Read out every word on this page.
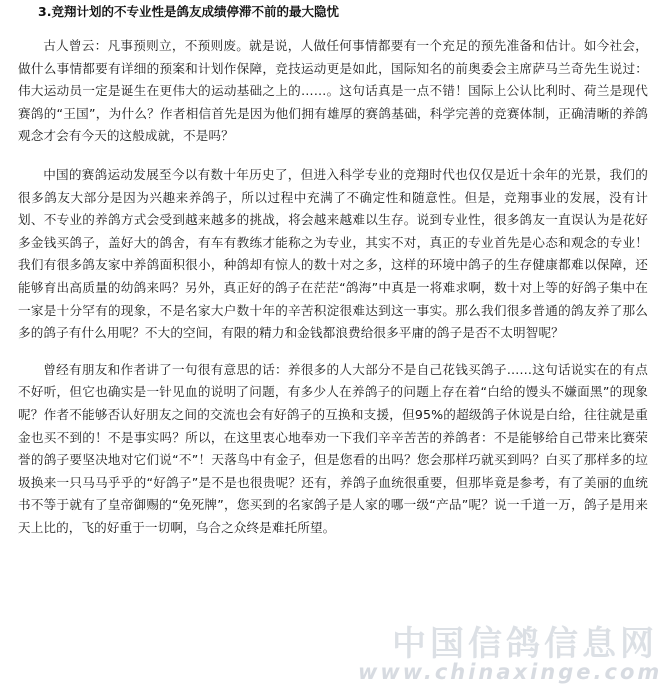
3.竞翔计划的不专业性是鸽友成绩停滞不前的最大隐忧

古人曾云：凡事预则立，不预则废。就是说，人做任何事情都要有一个充足的预先准备和估计。如今社会，做什么事情都要有详细的预案和计划作保障，竞技运动更是如此，国际知名的前奥委会主席萨马兰奇先生说过：伟大运动员一定是诞生在更伟大的运动基础之上的……。这句话真是一点不错！国际上公认比利时、荷兰是现代赛鸽的“王国”，为什么？作者相信首先是因为他们拥有雄厚的赛鸽基础，科学完善的竞赛体制，正确清晰的养鸽观念才会有今天的这般成就，不是吗？

中国的赛鸽运动发展至今以有数十年历史了，但进入科学专业的竞翔时代也仅仅是近十余年的光景，我们的很多鸽友大部分是因为兴趣来养鸽子，所以过程中充满了不确定性和随意性。但是，竞翔事业的发展，没有计划、不专业的养鸽方式会受到越来越多的挑战，将会越来越难以生存。说到专业性，很多鸽友一直误认为是花好多金钱买鸽子，盖好大的鸽舍，有车有教练才能称之为专业，其实不对，真正的专业首先是心态和观念的专业！我们有很多鸽友家中养鸽面积很小，种鸽却有惊人的数十对之多，这样的环境中鸽子的生存健康都难以保障，还能够育出高质量的幼鸽来吗？另外，真正好的鸽子在茫茫“鸽海”中真是一将难求啊，数十对上等的好鸽子集中在一家是十分罕有的现象，不是名家大户数十年的辛苦积淀很难达到这一事实。那么我们很多普通的鸽友养了那么多的鸽子有什么用呢？不大的空间，有限的精力和金钱都浪费给很多平庸的鸽子是否不太明智呢？

曾经有朋友和作者讲了一句很有意思的话：养很多的人大部分不是自己花钱买鸽子……这句话说实在的有点不好听，但它也确实是一针见血的说明了问题，有多少人在养鸽子的问题上存在着“白给的馒头不嫌面黑”的现象呢？作者不能够否认好朋友之间的交流也会有好鸽子的互换和支援，但95%的超级鸽子休说是白给，往往就是重金也买不到的！不是事实吗？所以，在这里衷心地奉劝一下我们辛辛苦苦的养鸽者：不是能够给自己带来比赛荣誉的鸽子要坚决地对它们说“不”！天落鸟中有金子，但是您看的出吗？您会那样巧就买到吗？白买了那样多的垃圾换来一只马马乎乎的“好鸽子”是不是也很贵呢？还有，养鸽子血统很重要，但那毕竟是参考，有了美丽的血统书不等于就有了皇帝御赐的“免死牌”，您买到的名家鸽子是人家的哪一级“产品”呢？说一千道一万，鸽子是用来天上比的，飞的好重于一切啊，乌合之众终是难托所望。

中国信鸽信息网
www.chinaxinge.com
